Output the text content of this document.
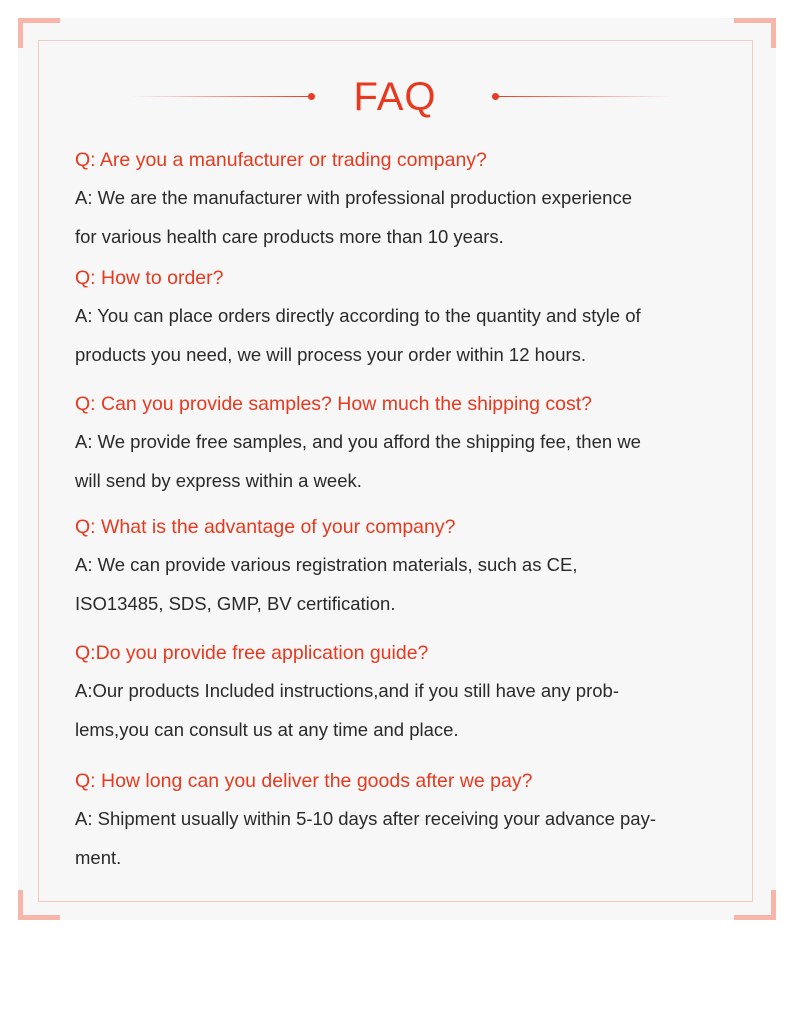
FAQ
Q: Are you a manufacturer or trading company?
A: We are the manufacturer with professional production experience
for various health care products more than 10 years.
Q: How to order?
A: You can place orders directly according to the quantity and style of
products you need, we will process your order within 12 hours.
Q: Can you provide samples? How much the shipping cost?
A: We provide free samples, and you afford the shipping fee, then we
will send by express within a week.
Q: What is the advantage of your company?
A: We can provide various registration materials, such as CE,
ISO13485, SDS, GMP, BV certification.
Q:Do you provide free application guide?
A:Our products Included instructions,and if you still have any prob-
lems,you can consult us at any time and place.
Q: How long can you deliver the goods after we pay?
A: Shipment usually within 5-10 days after receiving your advance pay-
ment.
